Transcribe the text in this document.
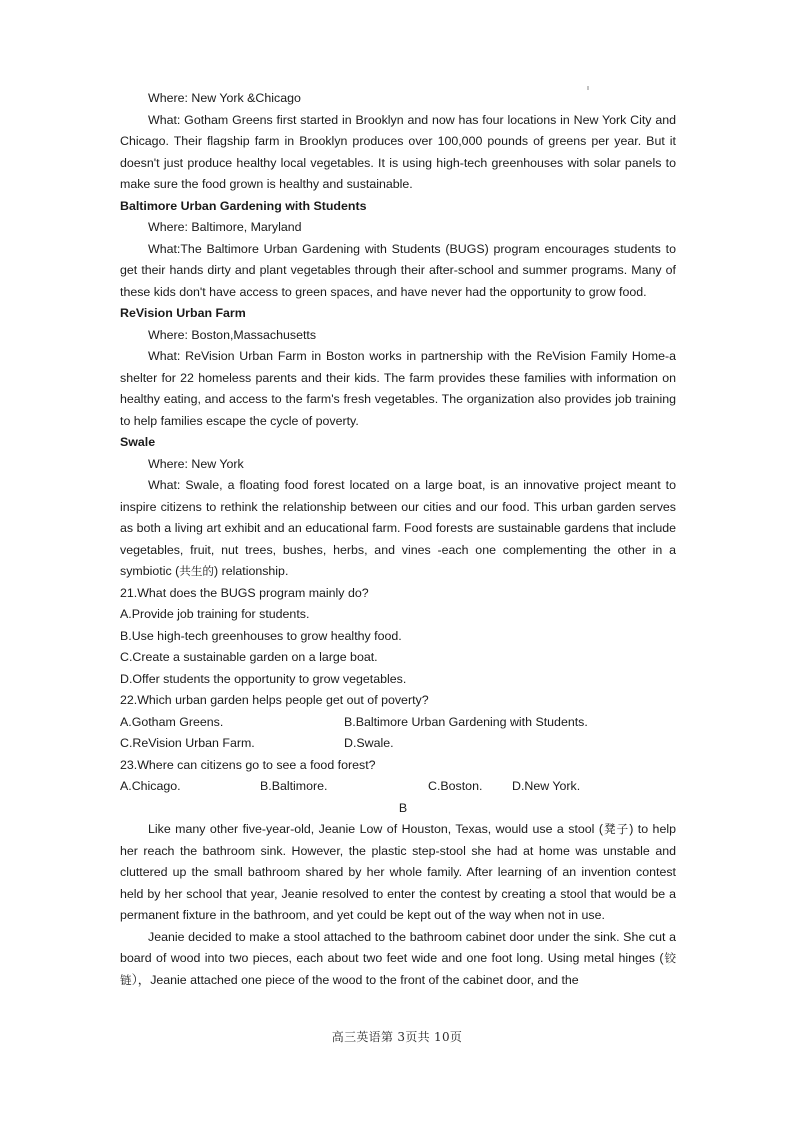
Where: New York &Chicago

What: Gotham Greens first started in Brooklyn and now has four locations in New York City and Chicago. Their flagship farm in Brooklyn produces over 100,000 pounds of greens per year. But it doesn't just produce healthy local vegetables. It is using high-tech greenhouses with solar panels to make sure the food grown is healthy and sustainable.

Baltimore Urban Gardening with Students

Where: Baltimore, Maryland

What:The Baltimore Urban Gardening with Students (BUGS) program encourages students to get their hands dirty and plant vegetables through their after-school and summer programs. Many of these kids don't have access to green spaces, and have never had the opportunity to grow food.

ReVision Urban Farm

Where: Boston,Massachusetts

What: ReVision Urban Farm in Boston works in partnership with the ReVision Family Home-a shelter for 22 homeless parents and their kids. The farm provides these families with information on healthy eating, and access to the farm's fresh vegetables. The organization also provides job training to help families escape the cycle of poverty.

Swale

Where: New York

What: Swale, a floating food forest located on a large boat, is an innovative project meant to inspire citizens to rethink the relationship between our cities and our food. This urban garden serves as both a living art exhibit and an educational farm. Food forests are sustainable gardens that include vegetables, fruit, nut trees, bushes, herbs, and vines -each one complementing the other in a symbiotic (共生的) relationship.

21.What does the BUGS program mainly do?

A.Provide job training for students.

B.Use high-tech greenhouses to grow healthy food.

C.Create a sustainable garden on a large boat.

D.Offer students the opportunity to grow vegetables.

22.Which urban garden helps people get out of poverty?

A.Gotham Greens.	B.Baltimore Urban Gardening with Students.

C.ReVision Urban Farm.	D.Swale.

23.Where can citizens go to see a food forest?

A.Chicago.	B.Baltimore.	C.Boston. D.New York.

B

Like many other five-year-old, Jeanie Low of Houston, Texas, would use a stool (凳子) to help her reach the bathroom sink. However, the plastic step-stool she had at home was unstable and cluttered up the small bathroom shared by her whole family. After learning of an invention contest held by her school that year, Jeanie resolved to enter the contest by creating a stool that would be a permanent fixture in the bathroom, and yet could be kept out of the way when not in use.

Jeanie decided to make a stool attached to the bathroom cabinet door under the sink. She cut a board of wood into two pieces, each about two feet wide and one foot long. Using metal hinges (铰链），Jeanie attached one piece of the wood to the front of the cabinet door, and the

高三英语第 3页共 10页
